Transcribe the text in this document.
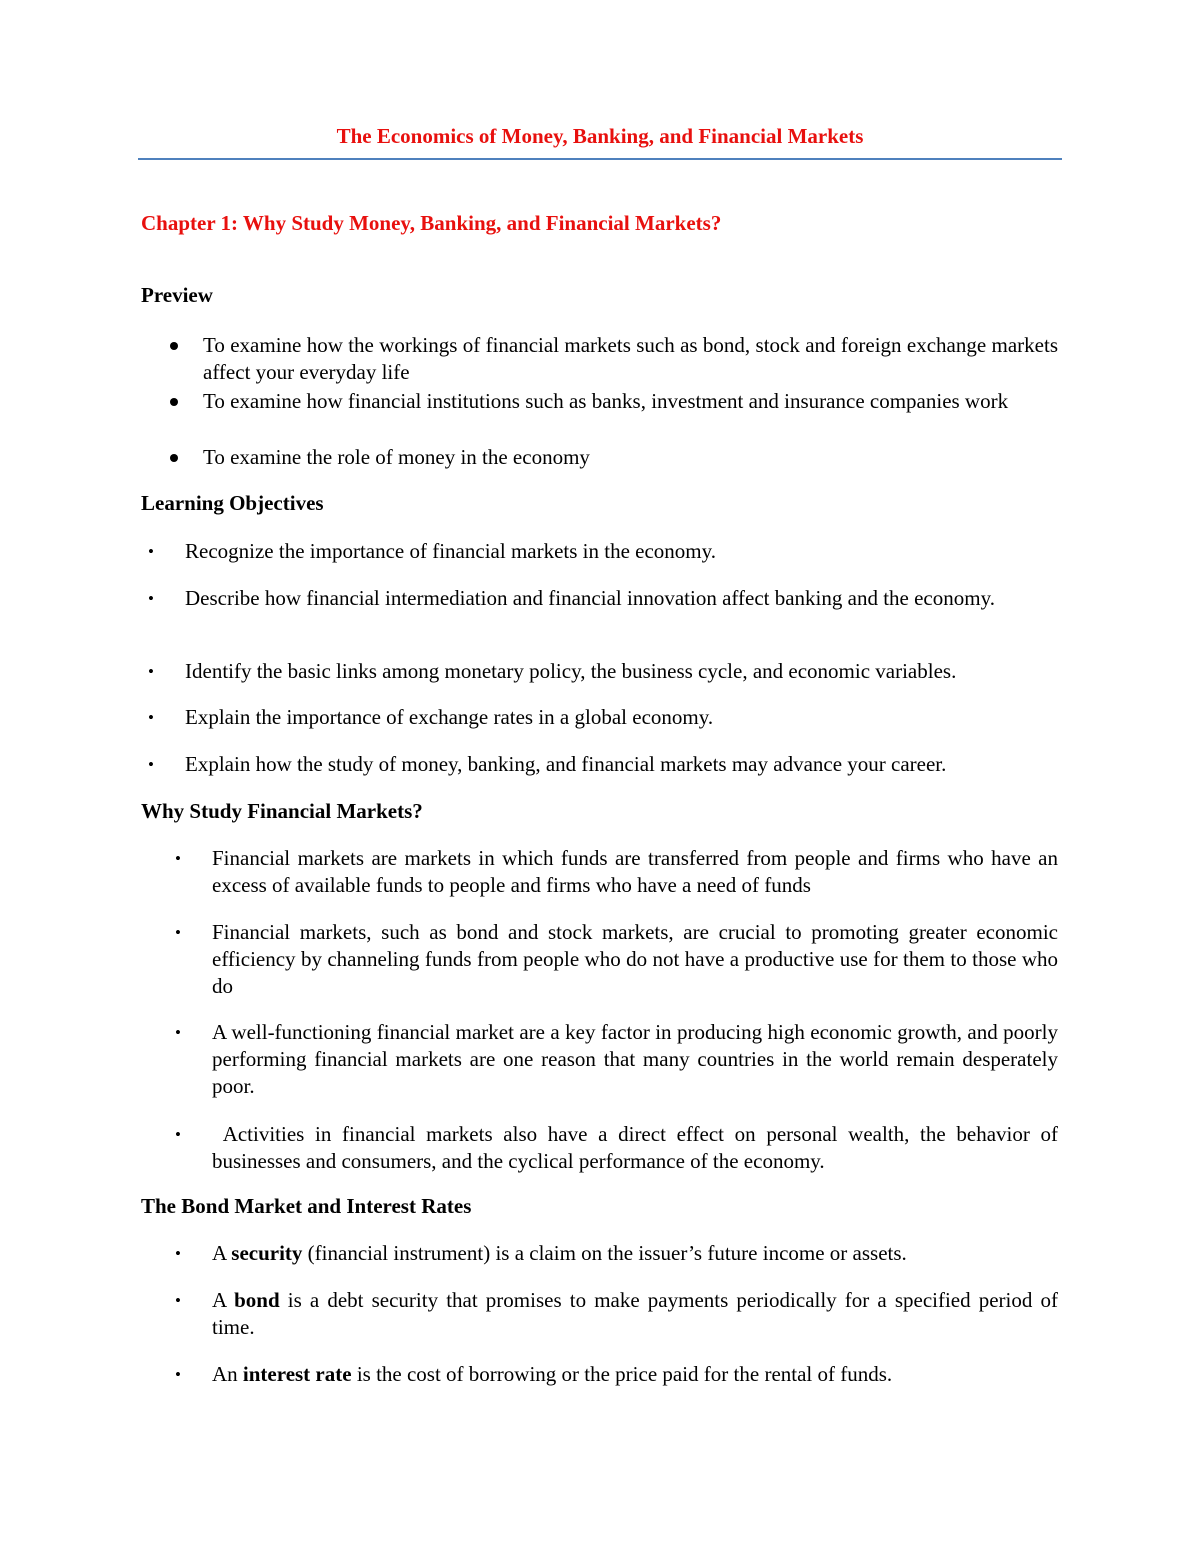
The Economics of Money, Banking, and Financial Markets
Chapter 1: Why Study Money, Banking, and Financial Markets?
Preview
To examine how the workings of financial markets such as bond, stock and foreign exchange markets affect your everyday life
To examine how financial institutions such as banks, investment and insurance companies work
To examine the role of money in the economy
Learning Objectives
• Recognize the importance of financial markets in the economy.
• Describe how financial intermediation and financial innovation affect banking and the economy.
• Identify the basic links among monetary policy, the business cycle, and economic variables.
• Explain the importance of exchange rates in a global economy.
• Explain how the study of money, banking, and financial markets may advance your career.
Why Study Financial Markets?
• Financial markets are markets in which funds are transferred from people and firms who have an excess of available funds to people and firms who have a need of funds
• Financial markets, such as bond and stock markets, are crucial to promoting greater economic efficiency by channeling funds from people who do not have a productive use for them to those who do
• A well-functioning financial market are a key factor in producing high economic growth, and poorly performing financial markets are one reason that many countries in the world remain desperately poor.
• Activities in financial markets also have a direct effect on personal wealth, the behavior of businesses and consumers, and the cyclical performance of the economy.
The Bond Market and Interest Rates
• A security (financial instrument) is a claim on the issuer’s future income or assets.
• A bond is a debt security that promises to make payments periodically for a specified period of time.
• An interest rate is the cost of borrowing or the price paid for the rental of funds.
